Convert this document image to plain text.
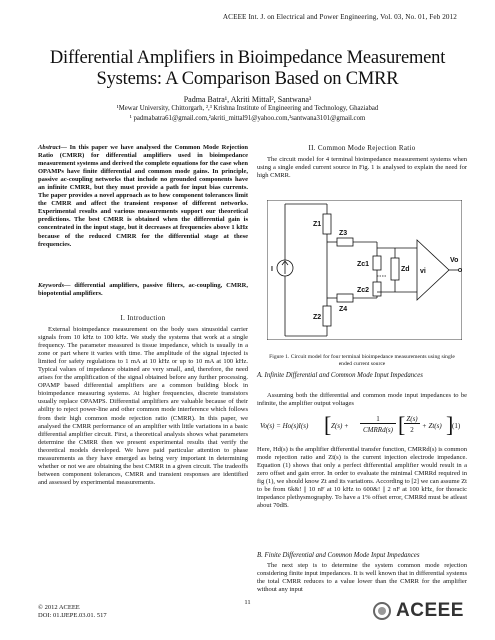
ACEEE Int. J. on Electrical and Power Engineering, Vol. 03, No. 01, Feb 2012
Differential Amplifiers in Bioimpedance Measurement
Systems: A Comparison Based on CMRR
Padma Batra¹, Akriti Mittal², Santwana³
¹Mewar University, Chittorgarh, ²,³ Krishna Institute of Engineering and Technology, Ghaziabad
¹ padmabatra61@gmail.com,²akriti_mittal91@yahoo.com,³santwana3101@gmail.com
Abstract— In this paper we have analysed the Common Mode Rejection Ratio (CMRR) for differential amplifiers used in bioimpedance measurement systems and derived the complete equations for the case when OPAMPs have finite differential and common mode gains. In principle, passive ac-coupling networks that include no grounded components have an infinite CMRR, but they must provide a path for input bias currents. The paper provides a novel approach as to how component tolerances limit the CMRR and affect the transient response of different networks. Experimental results and various measurements support our theoretical predictions. The best CMRR is obtained when the differential gain is concentrated in the input stage, but it decreases at frequencies above 1 kHz because of the reduced CMRR for the differential stage at these frequencies.
Keywords— differential amplifiers, passive filters, ac-coupling, CMRR, biopotential amplifiers.
I. Introduction
External bioimpedance measurement on the body uses sinusoidal carrier signals from 10 kHz to 100 kHz. We study the systems that work at a single frequency. The parameter measured is tissue impedance, which is usually in a zone or part where it varies with time. The amplitude of the signal injected is limited for safety regulations to 1 mA at 10 kHz or up to 10 mA at 100 kHz. Typical values of impedance obtained are very small, and, therefore, the need arises for the amplification of the signal obtained before any further processing. OPAMP based differential amplifiers are a common building block in bioimpedance measuring systems. At higher frequencies, discrete transistors usually replace OPAMPS. Differential amplifiers are valuable because of their ability to reject power-line and other common mode interference which follows from their high common mode rejection ratio (CMRR). In this paper, we analysed the CMRR performance of an amplifier with little variations in a basic differential amplifier circuit. First, a theoretical analysis shows what parameters determine the CMRR then we present experimental results that verify the theoretical models developed. We have paid particular attention to phase measurements as they have emerged as being very important in determining whether or not we are obtaining the best CMRR in a given circuit. The tradeoffs between component tolerances, CMRR and transient responses are identified and assessed by experimental measurements.
II. Common Mode Rejection Ratio
The circuit model for 4 terminal bioimpedance measurement systems when using a single ended current source in Fig. 1 is analysed to explain the need for high CMRR.
Z1
Z2
Z3
Z4
Zc1
Zc2
Zd vi
Vo
I
Figure 1. Circuit model for four terminal bioimpedance measurements using single ended current source
A. Infinite Differential and Common Mode Input Impedances
Assuming both the differential and common mode input impedances to be infinite, the amplifier output voltages
Vo(s) = Ho(s)I(s) [ Z(s) +
1
CMRRd(s) [ Z(s)
2	+ Zt(s) ]
(1)
Here, Hd(s) is the amplifier differential transfer function, CMRRd(s) is common mode rejection ratio and Zt(s) is the current injection electrode impedance. Equation (1) shows that only a perfect differential amplifier would result in a zero offset and gain error. In order to evaluate the minimal CMRRd required in fig (1), we should know Zt and its variations. According to [2] we can assume Zt to be from 6k&! || 10 nF at 10 kHz to 600&! || 2 nF at 100 kHz, for thoracic impedance plethysmography. To have a 1% offset error, CMRRd must be atleast about 70dB.
B. Finite Differential and Common Mode Input Impedances
The next step is to determine the system common mode rejection considering finite input impedances. It is well known that in differential systems the total CMRR reduces to a value lower than the CMRR for the amplifier without any input
© 2012 ACEEE
DOI: 01.IJEPE.03.01. 517
11	ACEEE
